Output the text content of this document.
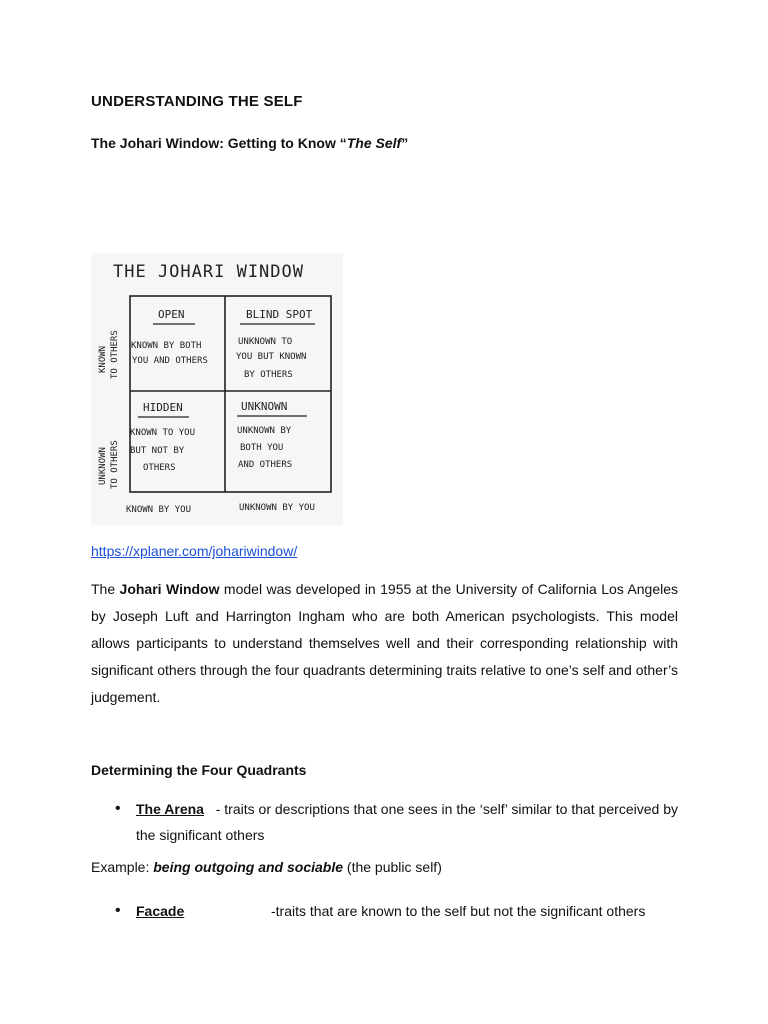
UNDERSTANDING THE SELF
The Johari Window: Getting to Know “The Self”
THE JOHARI WINDOW
KNOWN TO OTHERS
UNKNOWN TO OTHERS
OPEN
KNOWN BY BOTH
YOU AND OTHERS
BLIND SPOT
UNKNOWN TO
YOU BUT KNOWN
BY OTHERS
HIDDEN
KNOWN TO YOU
BUT NOT BY
OTHERS
UNKNOWN
UNKNOWN BY
BOTH YOU
AND OTHERS
KNOWN BY YOU	UNKNOWN BY YOU
https://xplaner.com/johariwindow/

The Johari Window model was developed in 1955 at the University of California Los Angeles by Joseph Luft and Harrington Ingham who are both American psychologists. This model allows participants to understand themselves well and their corresponding relationship with significant others through the four quadrants determining traits relative to one’s self and other’s judgement.

Determining the Four Quadrants
• The Arena   - traits or descriptions that one sees in the ‘self’ similar to that perceived by the significant others
Example: being outgoing and sociable (the public self)
• Facade	-traits that are known to the self but not the significant others
